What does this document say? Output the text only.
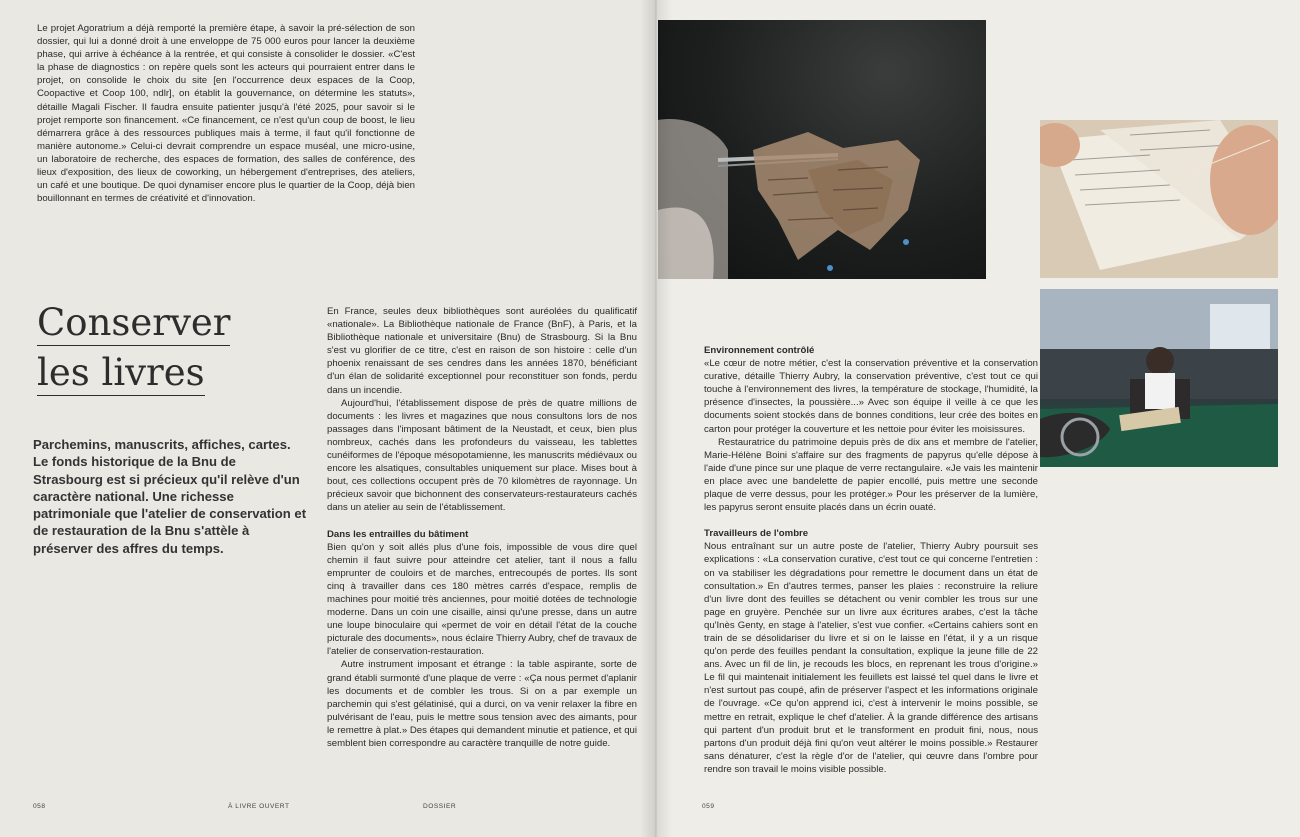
Le projet Agoratrium a déjà remporté la première étape, à savoir la pré-sélection de son dossier, qui lui a donné droit à une enveloppe de 75 000 euros pour lancer la deuxième phase, qui arrive à échéance à la rentrée, et qui consiste à consolider le dossier. «C'est la phase de diagnostics : on repère quels sont les acteurs qui pourraient entrer dans le projet, on consolide le choix du site [en l'occurrence deux espaces de la Coop, Coopactive et Coop 100, ndlr], on établit la gouvernance, on détermine les statuts», détaille Magali Fischer. Il faudra ensuite patienter jusqu'à l'été 2025, pour savoir si le projet remporte son financement. «Ce financement, ce n'est qu'un coup de boost, le lieu démarrera grâce à des ressources publiques mais à terme, il faut qu'il fonctionne de manière autonome.» Celui-ci devrait comprendre un espace muséal, une micro-usine, un laboratoire de recherche, des espaces de formation, des salles de conférence, des lieux d'exposition, des lieux de coworking, un hébergement d'entreprises, des ateliers, un café et une boutique. De quoi dynamiser encore plus le quartier de la Coop, déjà bien bouillonnant en termes de créativité et d'innovation.

Conserver
les livres

Parchemins, manuscrits, affiches, cartes. Le fonds historique de la Bnu de Strasbourg est si précieux qu'il relève d'un caractère national. Une richesse patrimoniale que l'atelier de conservation et de restauration de la Bnu s'attèle à préserver des affres du temps.

En France, seules deux bibliothèques sont auréolées du qualificatif «nationale». La Bibliothèque nationale de France (BnF), à Paris, et la Bibliothèque nationale et universitaire (Bnu) de Strasbourg. Si la Bnu s'est vu glorifier de ce titre, c'est en raison de son histoire : celle d'un phoenix renaissant de ses cendres dans les années 1870, bénéficiant d'un élan de solidarité exceptionnel pour reconstituer son fonds, perdu dans un incendie.

Aujourd'hui, l'établissement dispose de près de quatre millions de documents : les livres et magazines que nous consultons lors de nos passages dans l'imposant bâtiment de la Neustadt, et ceux, bien plus nombreux, cachés dans les profondeurs du vaisseau, les tablettes cunéiformes de l'époque mésopotamienne, les manuscrits médiévaux ou encore les alsatiques, consultables uniquement sur place. Mises bout à bout, ces collections occupent près de 70 kilomètres de rayonnage. Un précieux savoir que bichonnent des conservateurs-restaurateurs cachés dans un atelier au sein de l'établissement.

Dans les entrailles du bâtiment

Bien qu'on y soit allés plus d'une fois, impossible de vous dire quel chemin il faut suivre pour atteindre cet atelier, tant il nous a fallu emprunter de couloirs et de marches, entrecoupés de portes. Ils sont cinq à travailler dans ces 180 mètres carrés d'espace, remplis de machines pour moitié très anciennes, pour moitié dotées de technologie moderne. Dans un coin une cisaille, ainsi qu'une presse, dans un autre une loupe binoculaire qui «permet de voir en détail l'état de la couche picturale des documents», nous éclaire Thierry Aubry, chef de travaux de l'atelier de conservation-restauration.

Autre instrument imposant et étrange : la table aspirante, sorte de grand établi surmonté d'une plaque de verre : «Ça nous permet d'aplanir les documents et de combler les trous. Si on a par exemple un parchemin qui s'est gélatinisé, qui a durci, on va venir relaxer la fibre en pulvérisant de l'eau, puis le mettre sous tension avec des aimants, pour le remettre à plat.» Des étapes qui demandent minutie et patience, et qui semblent bien correspondre au caractère tranquille de notre guide.

058	À LIVRE OUVERT	DOSSIER
Environnement contrôlé

«Le cœur de notre métier, c'est la conservation préventive et la conservation curative, détaille Thierry Aubry, la conservation préventive, c'est tout ce qui touche à l'environnement des livres, la température de stockage, l'humidité, la présence d'insectes, la poussière...» Avec son équipe il veille à ce que les documents soient stockés dans de bonnes conditions, leur crée des boites en carton pour protéger la couverture et les nettoie pour éviter les moisissures.

Restauratrice du patrimoine depuis près de dix ans et membre de l'atelier, Marie-Hélène Boini s'affaire sur des fragments de papyrus qu'elle dépose à l'aide d'une pince sur une plaque de verre rectangulaire. «Je vais les maintenir en place avec une bandelette de papier encollé, puis mettre une seconde plaque de verre dessus, pour les protéger.» Pour les préserver de la lumière, les papyrus seront ensuite placés dans un écrin ouaté.

Travailleurs de l'ombre

Nous entraînant sur un autre poste de l'atelier, Thierry Aubry poursuit ses explications : «La conservation curative, c'est tout ce qui concerne l'entretien : on va stabiliser les dégradations pour remettre le document dans un état de consultation.» En d'autres termes, panser les plaies : reconstruire la reliure d'un livre dont des feuilles se détachent ou venir combler les trous sur une page en gruyère. Penchée sur un livre aux écritures arabes, c'est la tâche qu'Inès Genty, en stage à l'atelier, s'est vue confier. «Certains cahiers sont en train de se désolidariser du livre et si on le laisse en l'état, il y a un risque qu'on perde des feuilles pendant la consultation, explique la jeune fille de 22 ans. Avec un fil de lin, je recouds les blocs, en reprenant les trous d'origine.» Le fil qui maintenait initialement les feuillets est laissé tel quel dans le livre et n'est surtout pas coupé, afin de préserver l'aspect et les informations originale de l'ouvrage. «Ce qu'on apprend ici, c'est à intervenir le moins possible, se mettre en retrait, explique le chef d'atelier. À la grande différence des artisans qui partent d'un produit brut et le transforment en produit fini, nous, nous partons d'un produit déjà fini qu'on veut altérer le moins possible.» Restaurer sans dénaturer, c'est la règle d'or de l'atelier, qui œuvre dans l'ombre pour rendre son travail le moins visible possible.

059
